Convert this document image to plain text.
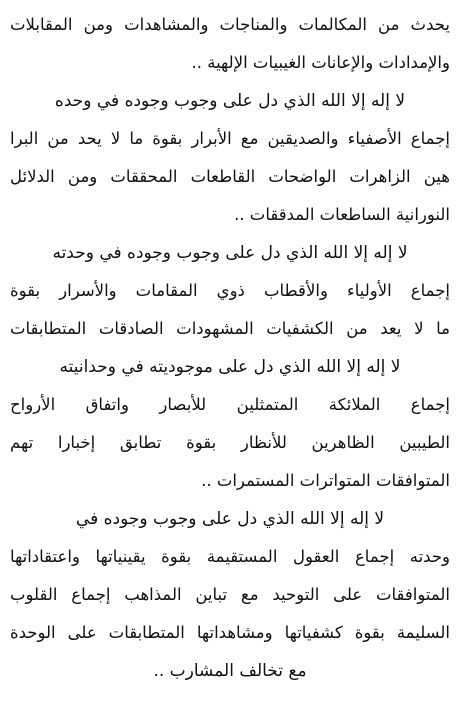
يحدث من المكالمات والمناجات والمشاهدات ومن المقابلات
والإمدادات والإعانات الغيبيات الإلهية ..
لا إله إلا الله الذي دل على وجوب وجوده في وحده
إجماع الأصفياء والصديقين مع الأبرار بقوة ما لا يحد من البرا
هين الزاهرات الواضحات القاطعات المحققات ومن الدلائل
النورانية الساطعات المدققات ..
لا إله إلا الله الذي دل على وجوب وجوده في وحدته
إجماع الأولياء والأقطاب ذوي المقامات والأسرار بقوة
ما لا يعد من الكشفيات المشهودات الصادقات المتطابقات
لا إله إلا الله الذي دل على موجوديته في وحدانيته
إجماع الملائكة المتمثلين للأبصار واتفاق الأرواح
الطيبين الظاهرين للأنظار بقوة تطابق إخبارا تهم
المتوافقات المتواترات المستمرات ..
لا إله إلا الله الذي دل على وجوب وجوده في
وحدته إجماع العقول المستقيمة بقوة يقينياتها واعتقاداتها
المتوافقات على التوحيد مع تباين المذاهب إجماع القلوب
السليمة بقوة كشفياتها ومشاهداتها المتطابقات على الوحدة
مع تخالف المشارب ..
